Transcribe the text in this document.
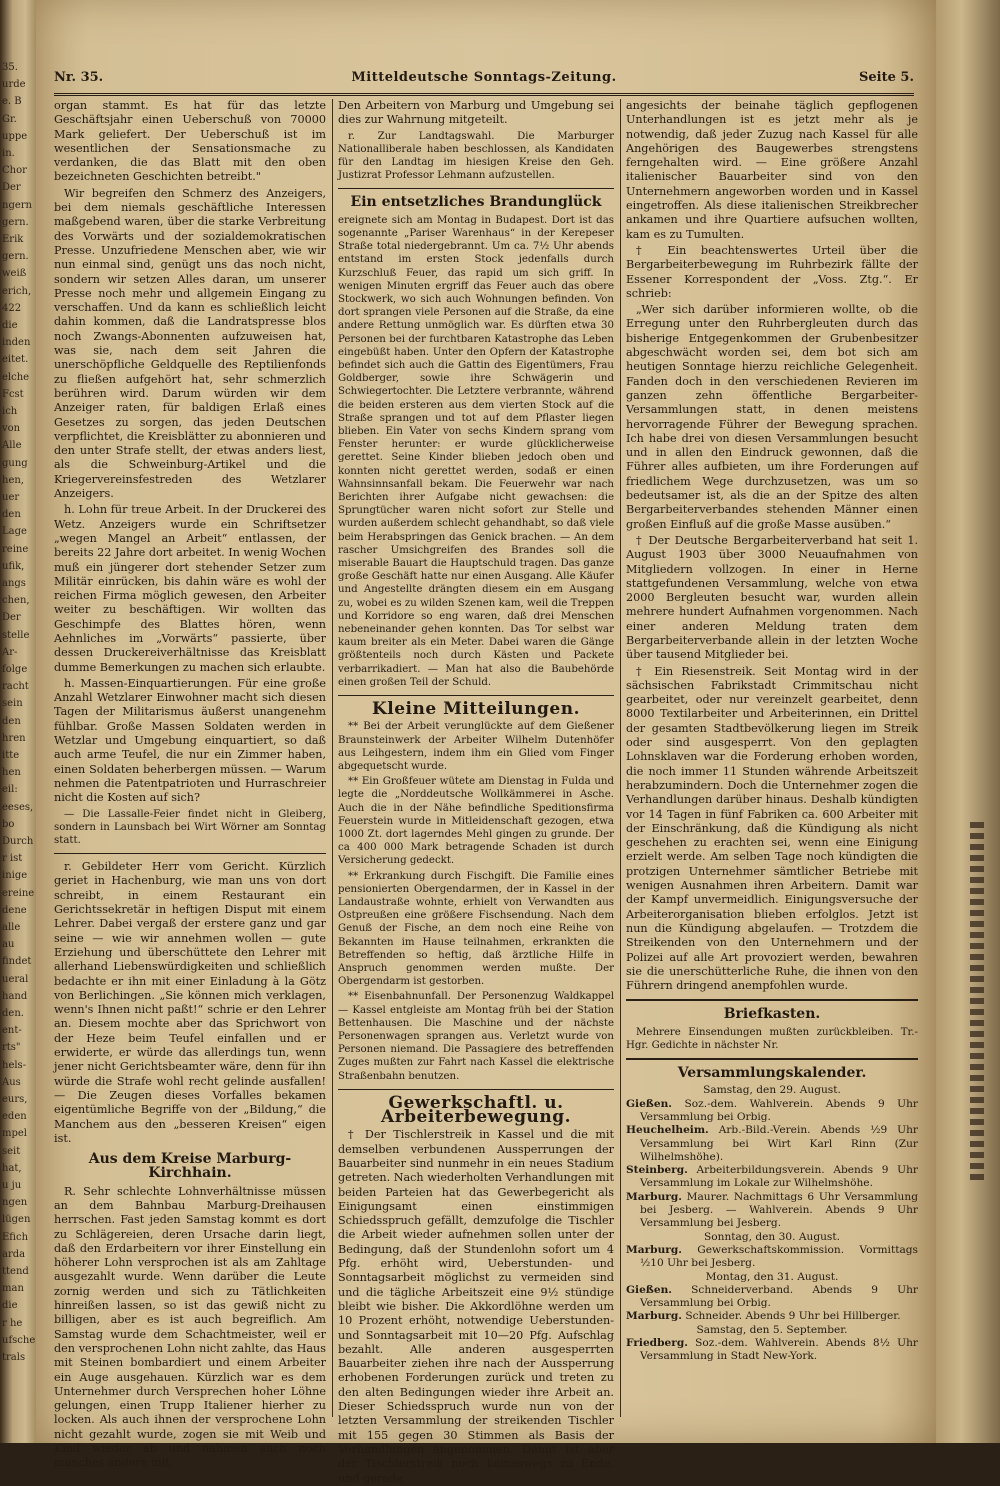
35.
urde
e. B
Gr.
uppe
in.
Chor
Der
ngern
gern.
Erik
gern.
weiß
erich,
422
die
inden
eitet.
elche
Fcst
ich
von
Alle
gung
hen,
uer
den
Lage
reine
ufik,
angs
chen,
Der
stelle
Ar-
folge
racht
sein
den
hren
itte
hen
eil:
eeses,
bo
Durch
r ist
inige
ereine
dene
alle
au
findet
ueral
hand
den.
ent-
rts"
hels-
Aus
eurs,
eden
mpel
seit
hat,
u ju
ngen
lügen
Efich
arda
ttend
man
die
r he
ufsche
trals
Nr. 35.	Mitteldeutsche Sonntags-Zeitung.	Seite 5.

organ stammt. Es hat für das letzte Geschäftsjahr einen Ueberschuß von 70000 Mark geliefert. Der Ueberschuß ist im wesentlichen der Sensationsmache zu verdanken, die das Blatt mit den oben bezeichneten Geschichten betreibt."

Wir begreifen den Schmerz des Anzeigers, bei dem niemals geschäftliche Interessen maßgebend waren, über die starke Verbreitung des Vorwärts und der sozialdemokratischen Presse. Unzufriedene Menschen aber, wie wir nun einmal sind, genügt uns das noch nicht, sondern wir setzen Alles daran, um unserer Presse noch mehr und allgemein Eingang zu verschaffen. Und da kann es schließlich leicht dahin kommen, daß die Landratspresse blos noch Zwangs-Abonnenten aufzuweisen hat, was sie, nach dem seit Jahren die unerschöpfliche Geldquelle des Reptilienfonds zu fließen aufgehört hat, sehr schmerzlich berühren wird. Darum würden wir dem Anzeiger raten, für baldigen Erlaß eines Gesetzes zu sorgen, das jeden Deutschen verpflichtet, die Kreisblätter zu abonnieren und den unter Strafe stellt, der etwas anders liest, als die Schweinburg-Artikel und die Kriegervereinsfestreden des Wetzlarer Anzeigers.

h. Lohn für treue Arbeit. In der Druckerei des Wetz. Anzeigers wurde ein Schriftsetzer „wegen Mangel an Arbeit“ entlassen, der bereits 22 Jahre dort arbeitet. In wenig Wochen muß ein jüngerer dort stehender Setzer zum Militär einrücken, bis dahin wäre es wohl der reichen Firma möglich gewesen, den Arbeiter weiter zu beschäftigen. Wir wollten das Geschimpfe des Blattes hören, wenn Aehnliches im „Vorwärts“ passierte, über dessen Druckereiverhältnisse das Kreisblatt dumme Bemerkungen zu machen sich erlaubte.

h. Massen-Einquartierungen. Für eine große Anzahl Wetzlarer Einwohner macht sich diesen Tagen der Militarismus äußerst unangenehm fühlbar. Große Massen Soldaten werden in Wetzlar und Umgebung einquartiert, so daß auch arme Teufel, die nur ein Zimmer haben, einen Soldaten beherbergen müssen. — Warum nehmen die Patentpatrioten und Hurraschreier nicht die Kosten auf sich?

— Die Lassalle-Feier findet nicht in Gleiberg, sondern in Launsbach bei Wirt Wörner am Sonntag statt.

r. Gebildeter Herr vom Gericht. Kürzlich geriet in Hachenburg, wie man uns von dort schreibt, in einem Restaurant ein Gerichtssekretär in heftigen Disput mit einem Lehrer. Dabei vergaß der erstere ganz und gar seine — wie wir annehmen wollen — gute Erziehung und überschüttete den Lehrer mit allerhand Liebenswürdigkeiten und schließlich bedachte er ihn mit einer Einladung à la Götz von Berlichingen. „Sie können mich verklagen, wenn's Ihnen nicht paßt!“ schrie er den Lehrer an. Diesem mochte aber das Sprichwort von der Heze beim Teufel einfallen und er erwiderte, er würde das allerdings tun, wenn jener nicht Gerichtsbeamter wäre, denn für ihn würde die Strafe wohl recht gelinde ausfallen! — Die Zeugen dieses Vorfalles bekamen eigentümliche Begriffe von der „Bildung,“ die Manchem aus den „besseren Kreisen“ eigen ist.

Aus dem Kreise Marburg-Kirchhain.

R. Sehr schlechte Lohnverhältnisse müssen an dem Bahnbau Marburg-Dreihausen herrschen. Fast jeden Samstag kommt es dort zu Schlägereien, deren Ursache darin liegt, daß den Erdarbeitern vor ihrer Einstellung ein höherer Lohn versprochen ist als am Zahltage ausgezahlt wurde. Wenn darüber die Leute zornig werden und sich zu Tätlichkeiten hinreißen lassen, so ist das gewiß nicht zu billigen, aber es ist auch begreiflich. Am Samstag wurde dem Schachtmeister, weil er den versprochenen Lohn nicht zahlte, das Haus mit Steinen bombardiert und einem Arbeiter ein Auge ausgehauen. Kürzlich war es dem Unternehmer durch Versprechen hoher Löhne gelungen, einen Trupp Italiener hierher zu locken. Als auch ihnen der versprochene Lohn nicht gezahlt wurde, zogen sie mit Weib und Kind wieder ab und nahmen auch noch manches andere mit.

Den Arbeitern von Marburg und Umgebung sei dies zur Wahrnung mitgeteilt.

r. Zur Landtagswahl. Die Marburger Nationalliberale haben beschlossen, als Kandidaten für den Landtag im hiesigen Kreise den Geh. Justizrat Professor Lehmann aufzustellen.

Ein entsetzliches Brandunglück

ereignete sich am Montag in Budapest. Dort ist das sogenannte „Pariser Warenhaus“ in der Kerepeser Straße total niedergebrannt. Um ca. 7½ Uhr abends entstand im ersten Stock jedenfalls durch Kurzschluß Feuer, das rapid um sich griff. In wenigen Minuten ergriff das Feuer auch das obere Stockwerk, wo sich auch Wohnungen befinden. Von dort sprangen viele Personen auf die Straße, da eine andere Rettung unmöglich war. Es dürften etwa 30 Personen bei der furchtbaren Katastrophe das Leben eingebüßt haben. Unter den Opfern der Katastrophe befindet sich auch die Gattin des Eigentümers, Frau Goldberger, sowie ihre Schwägerin und Schwiegertochter. Die Letztere verbrannte, während die beiden ersteren aus dem vierten Stock auf die Straße sprangen und tot auf dem Pflaster liegen blieben. Ein Vater von sechs Kindern sprang vom Fenster herunter: er wurde glücklicherweise gerettet. Seine Kinder blieben jedoch oben und konnten nicht gerettet werden, sodaß er einen Wahnsinnsanfall bekam. Die Feuerwehr war nach Berichten ihrer Aufgabe nicht gewachsen: die Sprungtücher waren nicht sofort zur Stelle und wurden außerdem schlecht gehandhabt, so daß viele beim Herabspringen das Genick brachen. — An dem rascher Umsichgreifen des Brandes soll die miserable Bauart die Hauptschuld tragen. Das ganze große Geschäft hatte nur einen Ausgang. Alle Käufer und Angestellte drängten diesem ein em Ausgang zu, wobei es zu wilden Szenen kam, weil die Treppen und Korridore so eng waren, daß drei Menschen nebeneinander gehen konnten. Das Tor selbst war kaum breiter als ein Meter. Dabei waren die Gänge größtenteils noch durch Kästen und Packete verbarrikadiert. — Man hat also die Baubehörde einen großen Teil der Schuld.

Kleine Mitteilungen.

** Bei der Arbeit verunglückte auf dem Gießener Braunsteinwerk der Arbeiter Wilhelm Dutenhöfer aus Leihgestern, indem ihm ein Glied vom Finger abgequetscht wurde.

** Ein Großfeuer wütete am Dienstag in Fulda und legte die „Norddeutsche Wollkämmerei in Asche. Auch die in der Nähe befindliche Speditionsfirma Feuerstein wurde in Mitleidenschaft gezogen, etwa 1000 Zt. dort lagerndes Mehl gingen zu grunde. Der ca 400 000 Mark betragende Schaden ist durch Versicherung gedeckt.

** Erkrankung durch Fischgift. Die Familie eines pensionierten Obergendarmen, der in Kassel in der Landaustraße wohnte, erhielt von Verwandten aus Ostpreußen eine größere Fischsendung. Nach dem Genuß der Fische, an dem noch eine Reihe von Bekannten im Hause teilnahmen, erkrankten die Betreffenden so heftig, daß ärztliche Hilfe in Anspruch genommen werden mußte. Der Obergendarm ist gestorben.

** Eisenbahnunfall. Der Personenzug Waldkappel — Kassel entgleiste am Montag früh bei der Station Bettenhausen. Die Maschine und der nächste Personenwagen sprangen aus. Verletzt wurde von Personen niemand. Die Passagiere des betreffenden Zuges mußten zur Fahrt nach Kassel die elektrische Straßenbahn benutzen.

Gewerkschaftl. u. Arbeiterbewegung.

† Der Tischlerstreik in Kassel und die mit demselben verbundenen Aussperrungen der Bauarbeiter sind nunmehr in ein neues Stadium getreten. Nach wiederholten Verhandlungen mit beiden Parteien hat das Gewerbegericht als Einigungsamt einen einstimmigen Schiedsspruch gefällt, demzufolge die Tischler die Arbeit wieder aufnehmen sollen unter der Bedingung, daß der Stundenlohn sofort um 4 Pfg. erhöht wird, Ueberstunden- und Sonntagsarbeit möglichst zu vermeiden sind und die tägliche Arbeitszeit eine 9½ stündige bleibt wie bisher. Die Akkordlöhne werden um 10 Prozent erhöht, notwendige Ueberstunden- und Sonntagsarbeit mit 10—20 Pfg. Aufschlag bezahlt. Alle anderen ausgesperrten Bauarbeiter ziehen ihre nach der Aussperrung erhobenen Forderungen zurück und treten zu den alten Bedingungen wieder ihre Arbeit an. Dieser Schiedsspruch wurde nun von der letzten Versammlung der streikenden Tischler mit 155 gegen 30 Stimmen als Basis der Verhandlungen angenommen. Damit ist aber der Tischlerstreik noch keineswegs zu Ende, und gerade

angesichts der beinahe täglich gepflogenen Unterhandlungen ist es jetzt mehr als je notwendig, daß jeder Zuzug nach Kassel für alle Angehörigen des Baugewerbes strengstens ferngehalten wird. — Eine größere Anzahl italienischer Bauarbeiter sind von den Unternehmern angeworben worden und in Kassel eingetroffen. Als diese italienischen Streikbrecher ankamen und ihre Quartiere aufsuchen wollten, kam es zu Tumulten.

† Ein beachtenswertes Urteil über die Bergarbeiterbewegung im Ruhrbezirk fällte der Essener Korrespondent der „Voss. Ztg.“. Er schrieb:

„Wer sich darüber informieren wollte, ob die Erregung unter den Ruhrbergleuten durch das bisherige Entgegenkommen der Grubenbesitzer abgeschwächt worden sei, dem bot sich am heutigen Sonntage hierzu reichliche Gelegenheit. Fanden doch in den verschiedenen Revieren im ganzen zehn öffentliche Bergarbeiter-Versammlungen statt, in denen meistens hervorragende Führer der Bewegung sprachen. Ich habe drei von diesen Versammlungen besucht und in allen den Eindruck gewonnen, daß die Führer alles aufbieten, um ihre Forderungen auf friedlichem Wege durchzusetzen, was um so bedeutsamer ist, als die an der Spitze des alten Bergarbeiterverbandes stehenden Männer einen großen Einfluß auf die große Masse ausüben.“

† Der Deutsche Bergarbeiterverband hat seit 1. August 1903 über 3000 Neuaufnahmen von Mitgliedern vollzogen. In einer in Herne stattgefundenen Versammlung, welche von etwa 2000 Bergleuten besucht war, wurden allein mehrere hundert Aufnahmen vorgenommen. Nach einer anderen Meldung traten dem Bergarbeiterverbande allein in der letzten Woche über tausend Mitglieder bei.

† Ein Riesenstreik. Seit Montag wird in der sächsischen Fabrikstadt Crimmitschau nicht gearbeitet, oder nur vereinzelt gearbeitet, denn 8000 Textilarbeiter und Arbeiterinnen, ein Drittel der gesamten Stadtbevölkerung liegen im Streik oder sind ausgesperrt. Von den geplagten Lohnsklaven war die Forderung erhoben worden, die noch immer 11 Stunden währende Arbeitszeit herabzumindern. Doch die Unternehmer zogen die Verhandlungen darüber hinaus. Deshalb kündigten vor 14 Tagen in fünf Fabriken ca. 600 Arbeiter mit der Einschränkung, daß die Kündigung als nicht geschehen zu erachten sei, wenn eine Einigung erzielt werde. Am selben Tage noch kündigten die protzigen Unternehmer sämtlicher Betriebe mit wenigen Ausnahmen ihren Arbeitern. Damit war der Kampf unvermeidlich. Einigungsversuche der Arbeiterorganisation blieben erfolglos. Jetzt ist nun die Kündigung abgelaufen. — Trotzdem die Streikenden von den Unternehmern und der Polizei auf alle Art provoziert werden, bewahren sie die unerschütterliche Ruhe, die ihnen von den Führern dringend anempfohlen wurde.

Briefkasten.

Mehrere Einsendungen mußten zurückbleiben. Tr.-Hgr. Gedichte in nächster Nr.

Versammlungskalender.
Samstag, den 29. August.
Gießen. Soz.-dem. Wahlverein. Abends 9 Uhr Versammlung bei Orbig.
Heuchelheim. Arb.-Bild.-Verein. Abends ½9 Uhr Versammlung bei Wirt Karl Rinn (Zur Wilhelmshöhe).
Steinberg. Arbeiterbildungsverein. Abends 9 Uhr Versammlung im Lokale zur Wilhelmshöhe.
Marburg. Maurer. Nachmittags 6 Uhr Versammlung bei Jesberg. — Wahlverein. Abends 9 Uhr Versammlung bei Jesberg.
Sonntag, den 30. August.
Marburg. Gewerkschaftskommission. Vormittags ½10 Uhr bei Jesberg.
Montag, den 31. August.
Gießen. Schneiderverband. Abends 9 Uhr Versammlung bei Orbig.
Marburg. Schneider. Abends 9 Uhr bei Hillberger.
Samstag, den 5. September.
Friedberg. Soz.-dem. Wahlverein. Abends 8½ Uhr Versammlung in Stadt New-York.
